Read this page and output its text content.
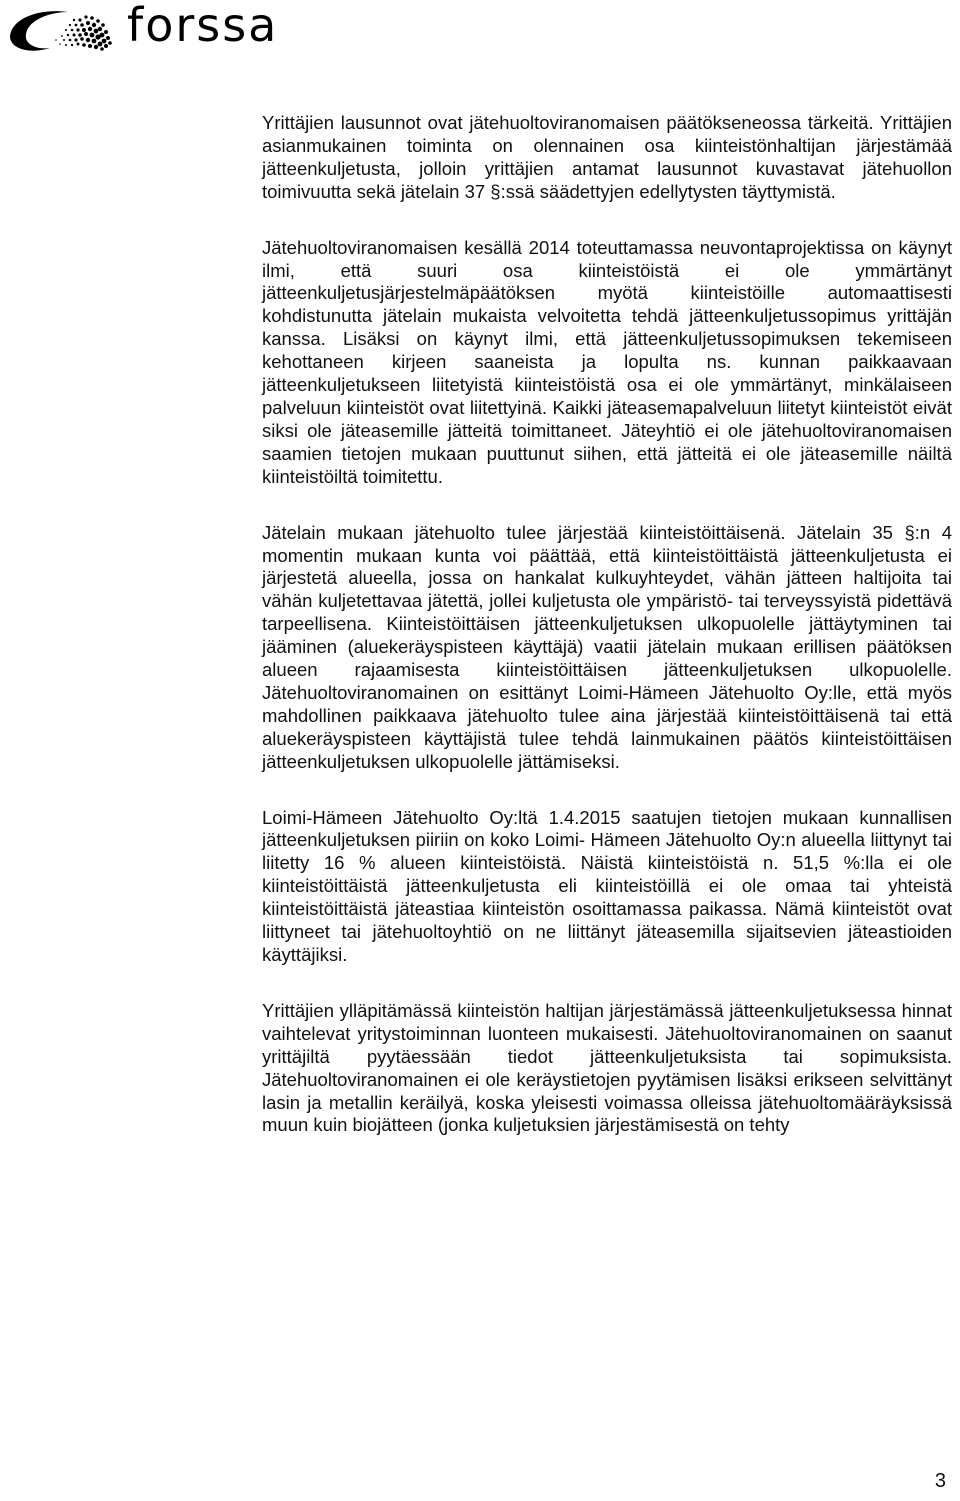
forssa

Yrittäjien lausunnot ovat jätehuoltoviranomaisen päätökseneossa tärkeitä. Yrittäjien asianmukainen toiminta on olennainen osa kiinteistönhaltijan järjestämää jätteenkuljetusta, jolloin yrittäjien antamat lausunnot kuvastavat jätehuollon toimivuutta sekä jätelain 37 §:ssä säädettyjen edellytysten täyttymistä.

Jätehuoltoviranomaisen kesällä 2014 toteuttamassa neuvontaprojektissa on käynyt ilmi, että suuri osa kiinteistöistä ei ole ymmärtänyt jätteenkuljetusjärjestelmäpäätöksen myötä kiinteistöille automaattisesti kohdistunutta jätelain mukaista velvoitetta tehdä jätteenkuljetussopimus yrittäjän kanssa. Lisäksi on käynyt ilmi, että jätteenkuljetussopimuksen tekemiseen kehottaneen kirjeen saaneista ja lopulta ns. kunnan paikkaavaan jätteenkuljetukseen liitetyistä kiinteistöistä osa ei ole ymmärtänyt, minkälaiseen palveluun kiinteistöt ovat liitettyinä. Kaikki jäteasemapalveluun liitetyt kiinteistöt eivät siksi ole jäteasemille jätteitä toimittaneet. Jäteyhtiö ei ole jätehuoltoviranomaisen saamien tietojen mukaan puuttunut siihen, että jätteitä ei ole jäteasemille näiltä kiinteistöiltä toimitettu.

Jätelain mukaan jätehuolto tulee järjestää kiinteistöittäisenä. Jätelain 35 §:n 4 momentin mukaan kunta voi päättää, että kiinteistöittäistä jätteenkuljetusta ei järjestetä alueella, jossa on hankalat kulkuyhteydet, vähän jätteen haltijoita tai vähän kuljetettavaa jätettä, jollei kuljetusta ole ympäristö- tai terveyssyistä pidettävä tarpeellisena. Kiinteistöittäisen jätteenkuljetuksen ulkopuolelle jättäytyminen tai jääminen (aluekeräyspisteen käyttäjä) vaatii jätelain mukaan erillisen päätöksen alueen rajaamisesta kiinteistöittäisen jätteenkuljetuksen ulkopuolelle. Jätehuoltoviranomainen on esittänyt Loimi-Hämeen Jätehuolto Oy:lle, että myös mahdollinen paikkaava jätehuolto tulee aina järjestää kiinteistöittäisenä tai että aluekeräyspisteen käyttäjistä tulee tehdä lainmukainen päätös kiinteistöittäisen jätteenkuljetuksen ulkopuolelle jättämiseksi.

Loimi-Hämeen Jätehuolto Oy:ltä 1.4.2015 saatujen tietojen mukaan kunnallisen jätteenkuljetuksen piiriin on koko Loimi- Hämeen Jätehuolto Oy:n alueella liittynyt tai liitetty 16 % alueen kiinteistöistä. Näistä kiinteistöistä n. 51,5 %:lla ei ole kiinteistöittäistä jätteenkuljetusta eli kiinteistöillä ei ole omaa tai yhteistä kiinteistöittäistä jäteastiaa kiinteistön osoittamassa paikassa. Nämä kiinteistöt ovat liittyneet tai jätehuoltoyhtiö on ne liittänyt jäteasemilla sijaitsevien jäteastioiden käyttäjiksi.

Yrittäjien ylläpitämässä kiinteistön haltijan järjestämässä jätteenkuljetuksessa hinnat vaihtelevat yritystoiminnan luonteen mukaisesti. Jätehuoltoviranomainen on saanut yrittäjiltä pyytäessään tiedot jätteenkuljetuksista tai sopimuksista. Jätehuoltoviranomainen ei ole keräystietojen pyytämisen lisäksi erikseen selvittänyt lasin ja metallin keräilyä, koska yleisesti voimassa olleissa jätehuoltomääräyksissä muun kuin biojätteen (jonka kuljetuksien järjestämisestä on tehty

3
